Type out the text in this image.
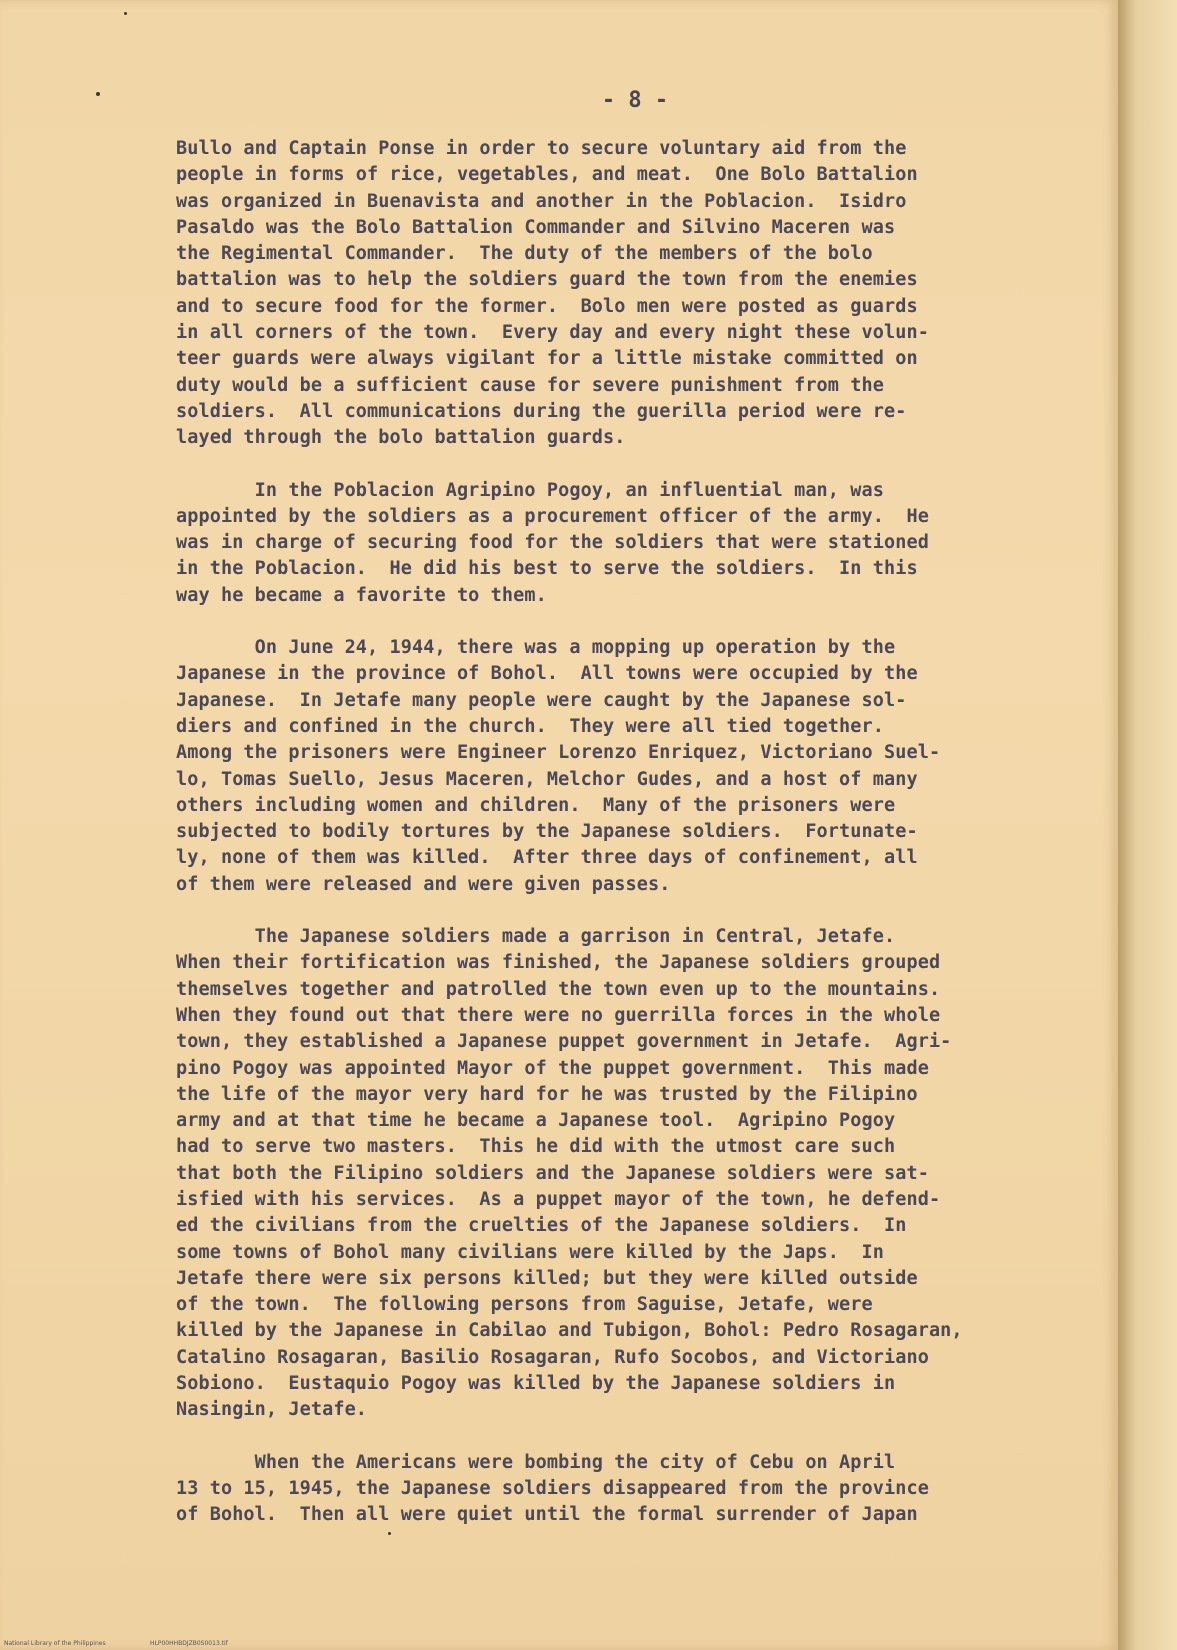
- 8 -
Bullo and Captain Ponse in order to secure voluntary aid from the
people in forms of rice, vegetables, and meat.  One Bolo Battalion
was organized in Buenavista and another in the Poblacion.  Isidro
Pasaldo was the Bolo Battalion Commander and Silvino Maceren was
the Regimental Commander.  The duty of the members of the bolo
battalion was to help the soldiers guard the town from the enemies
and to secure food for the former.  Bolo men were posted as guards
in all corners of the town.  Every day and every night these volun-
teer guards were always vigilant for a little mistake committed on
duty would be a sufficient cause for severe punishment from the
soldiers.  All communications during the guerilla period were re-
layed through the bolo battalion guards.
In the Poblacion Agripino Pogoy, an influential man, was
appointed by the soldiers as a procurement officer of the army.  He
was in charge of securing food for the soldiers that were stationed
in the Poblacion.  He did his best to serve the soldiers.  In this
way he became a favorite to them.
On June 24, 1944, there was a mopping up operation by the
Japanese in the province of Bohol.  All towns were occupied by the
Japanese.  In Jetafe many people were caught by the Japanese sol-
diers and confined in the church.  They were all tied together.
Among the prisoners were Engineer Lorenzo Enriquez, Victoriano Suel-
lo, Tomas Suello, Jesus Maceren, Melchor Gudes, and a host of many
others including women and children.  Many of the prisoners were
subjected to bodily tortures by the Japanese soldiers.  Fortunate-
ly, none of them was killed.  After three days of confinement, all
of them were released and were given passes.
The Japanese soldiers made a garrison in Central, Jetafe.
When their fortification was finished, the Japanese soldiers grouped
themselves together and patrolled the town even up to the mountains.
When they found out that there were no guerrilla forces in the whole
town, they established a Japanese puppet government in Jetafe.  Agri-
pino Pogoy was appointed Mayor of the puppet government.  This made
the life of the mayor very hard for he was trusted by the Filipino
army and at that time he became a Japanese tool.  Agripino Pogoy
had to serve two masters.  This he did with the utmost care such
that both the Filipino soldiers and the Japanese soldiers were sat-
isfied with his services.  As a puppet mayor of the town, he defend-
ed the civilians from the cruelties of the Japanese soldiers.  In
some towns of Bohol many civilians were killed by the Japs.  In
Jetafe there were six persons killed; but they were killed outside
of the town.  The following persons from Saguise, Jetafe, were
killed by the Japanese in Cabilao and Tubigon, Bohol: Pedro Rosagaran,
Catalino Rosagaran, Basilio Rosagaran, Rufo Socobos, and Victoriano
Sobiono.  Eustaquio Pogoy was killed by the Japanese soldiers in
Nasingin, Jetafe.
When the Americans were bombing the city of Cebu on April
13 to 15, 1945, the Japanese soldiers disappeared from the province
of Bohol.  Then all were quiet until the formal surrender of Japan
National Library of the Philippines	HLP00HHBDJZB0S0013.tif
